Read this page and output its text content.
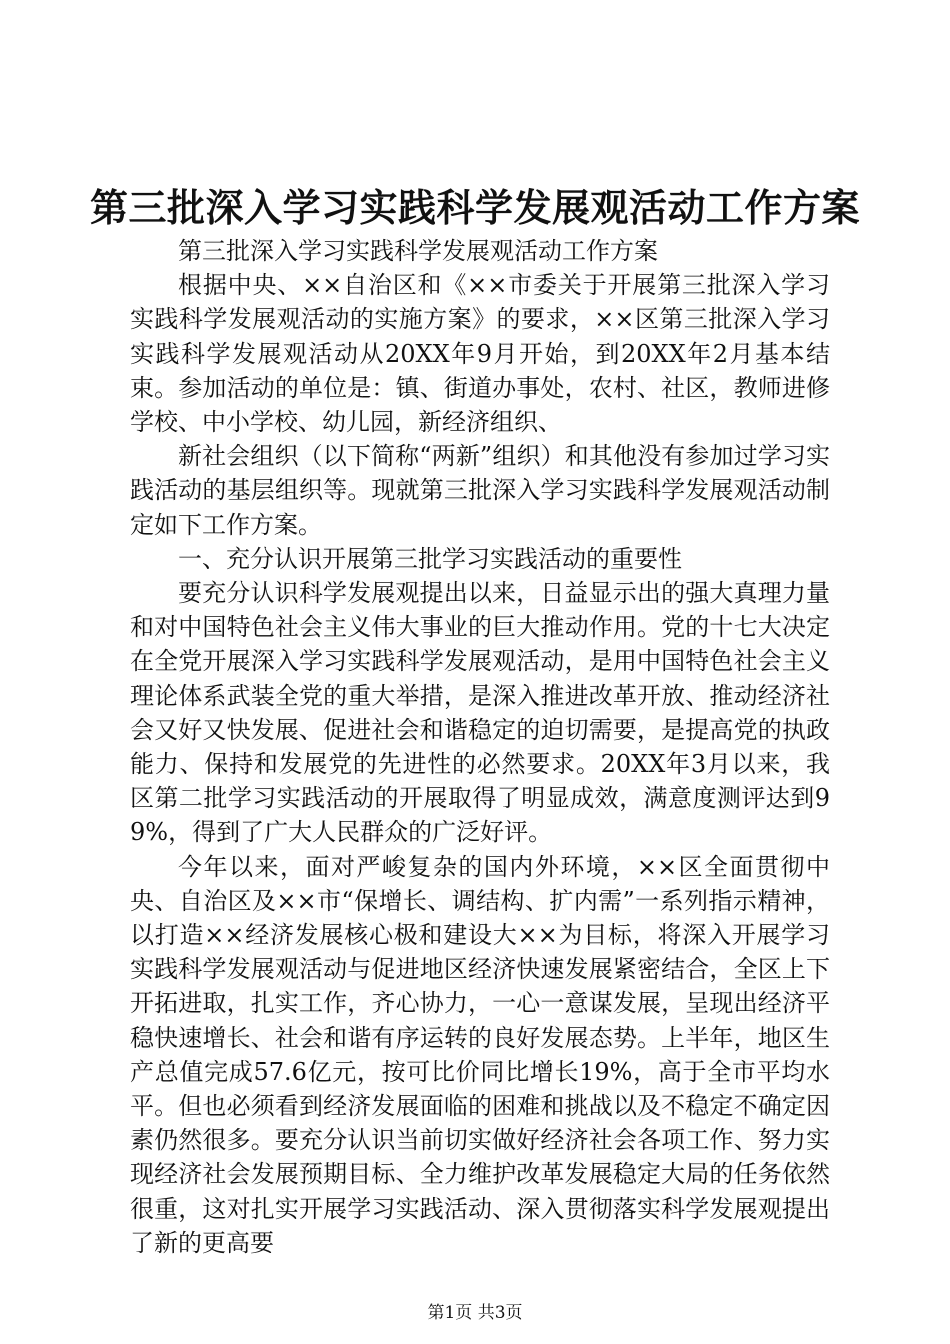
第三批深入学习实践科学发展观活动工作方案

第三批深入学习实践科学发展观活动工作方案

根据中央、××自治区和《××市委关于开展第三批深入学习实践科学发展观活动的实施方案》的要求，××区第三批深入学习实践科学发展观活动从20XX年9月开始，到20XX年2月基本结束。参加活动的单位是：镇、街道办事处，农村、社区，教师进修学校、中小学校、幼儿园，新经济组织、

新社会组织（以下简称“两新”组织）和其他没有参加过学习实践活动的基层组织等。现就第三批深入学习实践科学发展观活动制定如下工作方案。

一、充分认识开展第三批学习实践活动的重要性

要充分认识科学发展观提出以来，日益显示出的强大真理力量和对中国特色社会主义伟大事业的巨大推动作用。党的十七大决定在全党开展深入学习实践科学发展观活动，是用中国特色社会主义理论体系武装全党的重大举措，是深入推进改革开放、推动经济社会又好又快发展、促进社会和谐稳定的迫切需要，是提高党的执政能力、保持和发展党的先进性的必然要求。20XX年3月以来，我区第二批学习实践活动的开展取得了明显成效，满意度测评达到99%，得到了广大人民群众的广泛好评。

今年以来，面对严峻复杂的国内外环境，××区全面贯彻中央、自治区及××市“保增长、调结构、扩内需”一系列指示精神，以打造××经济发展核心极和建设大××为目标，将深入开展学习实践科学发展观活动与促进地区经济快速发展紧密结合，全区上下开拓进取，扎实工作，齐心协力，一心一意谋发展，呈现出经济平稳快速增长、社会和谐有序运转的良好发展态势。上半年，地区生产总值完成57.6亿元，按可比价同比增长19%，高于全市平均水平。但也必须看到经济发展面临的困难和挑战以及不稳定不确定因素仍然很多。要充分认识当前切实做好经济社会各项工作、努力实现经济社会发展预期目标、全力维护改革发展稳定大局的任务依然很重，这对扎实开展学习实践活动、深入贯彻落实科学发展观提出了新的更高要

第1页 共3页
